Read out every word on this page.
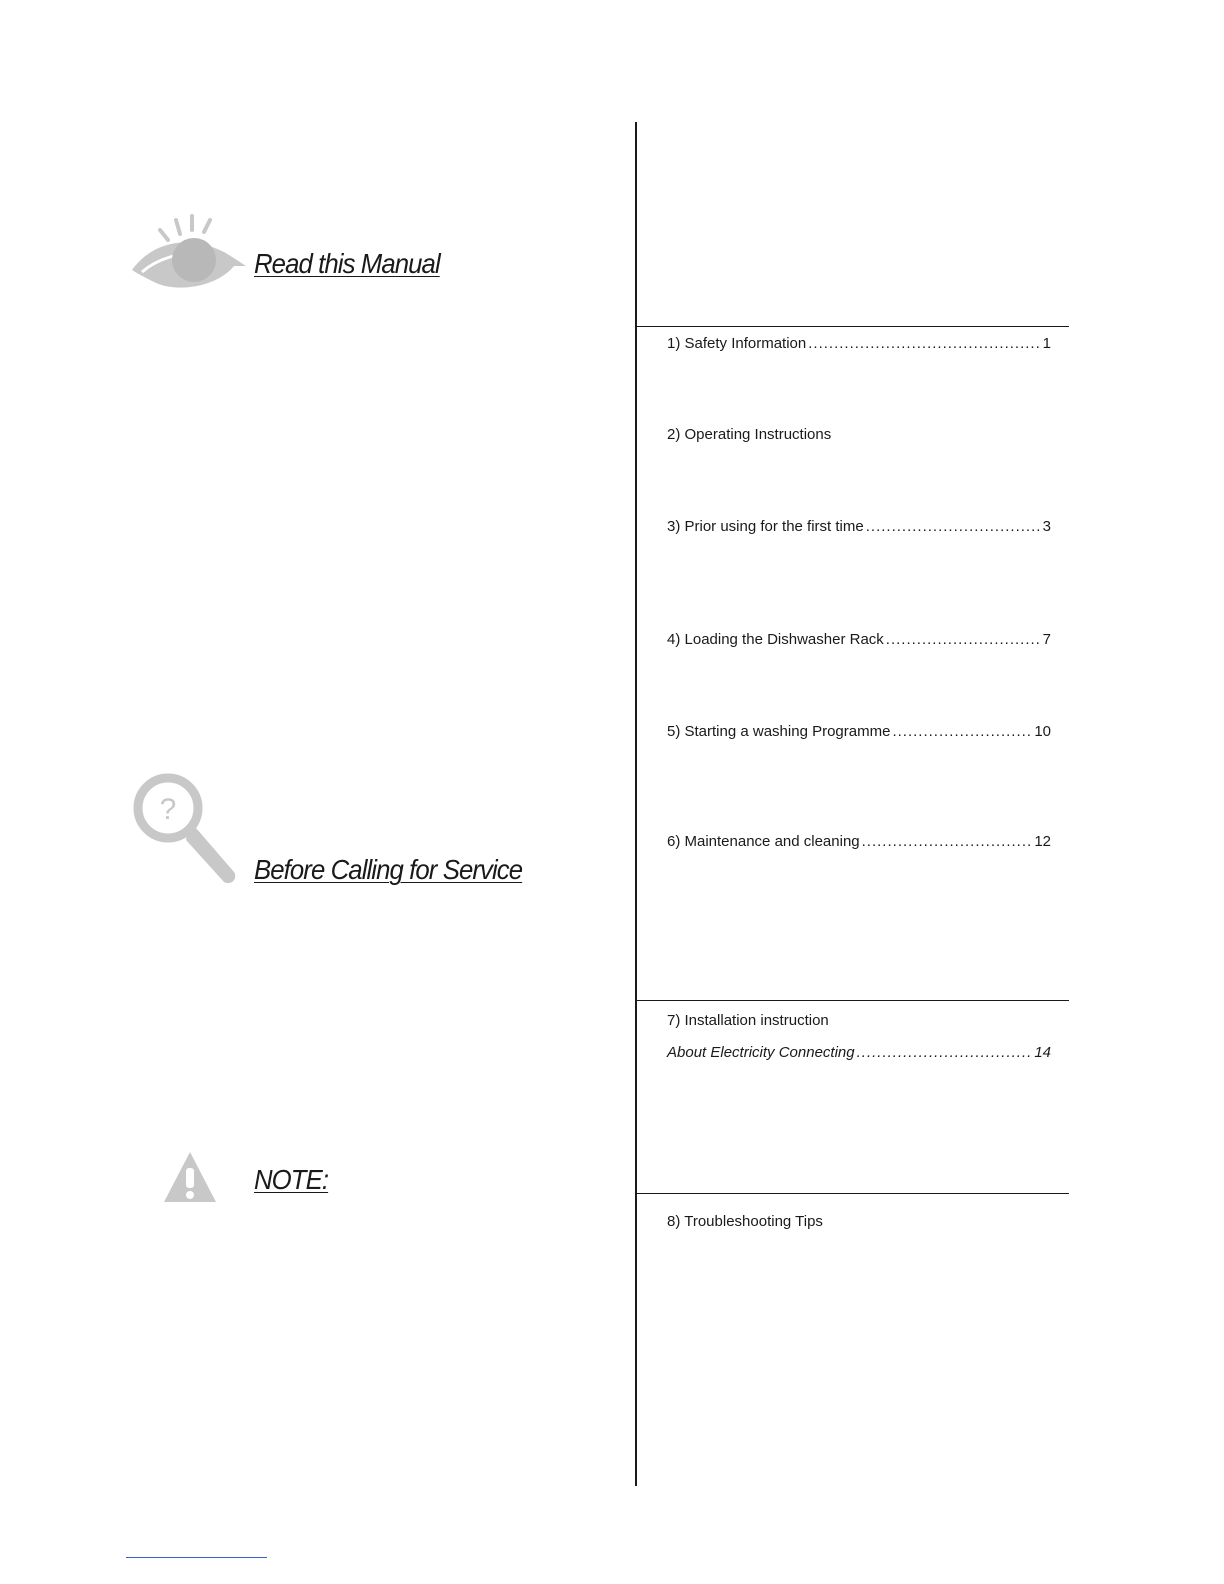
Read this Manual
?
Before Calling for Service
NOTE:
1) Safety Information .....	1
2) Operating Instructions
3) Prior using for the first time .....	3
4) Loading the Dishwasher Rack .....	7
5) Starting a washing Programme .....	10
6) Maintenance and cleaning .....	12
7) Installation instruction
About Electricity Connecting .....	14
8) Troubleshooting Tips
